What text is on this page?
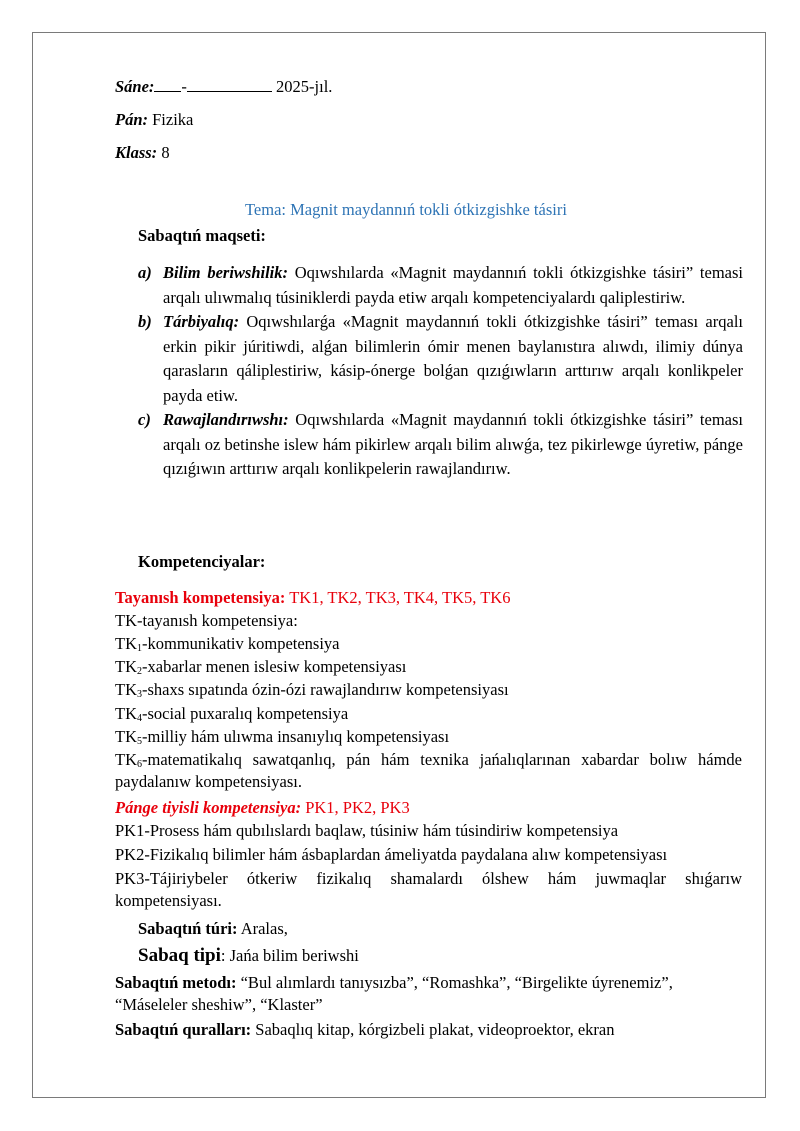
Sáne: -	2025-jıl.
Pán: Fizika
Klass: 8
Tema: Magnit maydannıń tokli ótkizgishke tásiri
Sabaqtıń maqseti:
a) Bilim beriwshilik: Oqıwshılarda «Magnit maydannıń tokli ótkizgishke tásiri” temasi arqalı ulıwmalıq túsiniklerdi payda etiw arqalı kompetenciyalardı qaliplestiriw.
b) Tárbiyalıq: Oqıwshılarǵa «Magnit maydannıń tokli ótkizgishke tásiri” teması arqalı erkin pikir júritiwdi, alǵan bilimlerin ómir menen baylanıstıra alıwdı, ilimiy dúnya qarasların qáliplestiriw, kásip-ónerge bolǵan qızıǵıwların arttırıw arqalı konlikpeler payda etiw.
c) Rawajlandırıwshı: Oqıwshılarda «Magnit maydannıń tokli ótkizgishke tásiri” teması arqalı oz betinshe islew hám pikirlew arqalı bilim alıwǵa, tez pikirlewge úyretiw, pánge qızıǵıwın arttırıw arqalı konlikpelerin rawajlandırıw.
Kompetenciyalar:
Tayanısh kompetensiya: TK1, TK2, TK3, TK4, TK5, TK6
TK-tayanısh kompetensiya:
$TK_1$-kommunikativ kompetensiya
$TK_2$-xabarlar menen islesiw kompetensiyası
$TK_3$-shaxs sıpatında ózin-ózi rawajlandırıw kompetensiyası
$TK_4$-social puxaralıq kompetensiya
$TK_5$-milliy hám ulıwma insanıylıq kompetensiyası
$TK_6$-matematikalıq sawatqanlıq, pán hám texnika jańalıqlarınan xabardar bolıw hámde paydalanıw kompetensiyası.
Pánge tiyisli kompetensiya: PK1, PK2, PK3
PK1-Prosess hám qubılıslardı baqlaw, túsiniw hám túsindiriw kompetensiya
PK2-Fizikalıq bilimler hám ásbaplardan ámeliyatda paydalana alıw kompetensiyası
PK3-Tájiriybeler ótkeriw fizikalıq shamalardı ólshew hám juwmaqlar shıǵarıw kompetensiyası.
Sabaqtıń túri: Aralas,
Sabaq tipi: Jańa bilim beriwshi
Sabaqtıń metodı: “Bul alımlardı tanıysızba”, “Romashka”, “Birgelikte úyrenemiz”, “Máseleler sheshiw”, “Klaster”
Sabaqtıń quralları: Sabaqlıq kitap, kórgizbeli plakat, videoproektor, ekran
